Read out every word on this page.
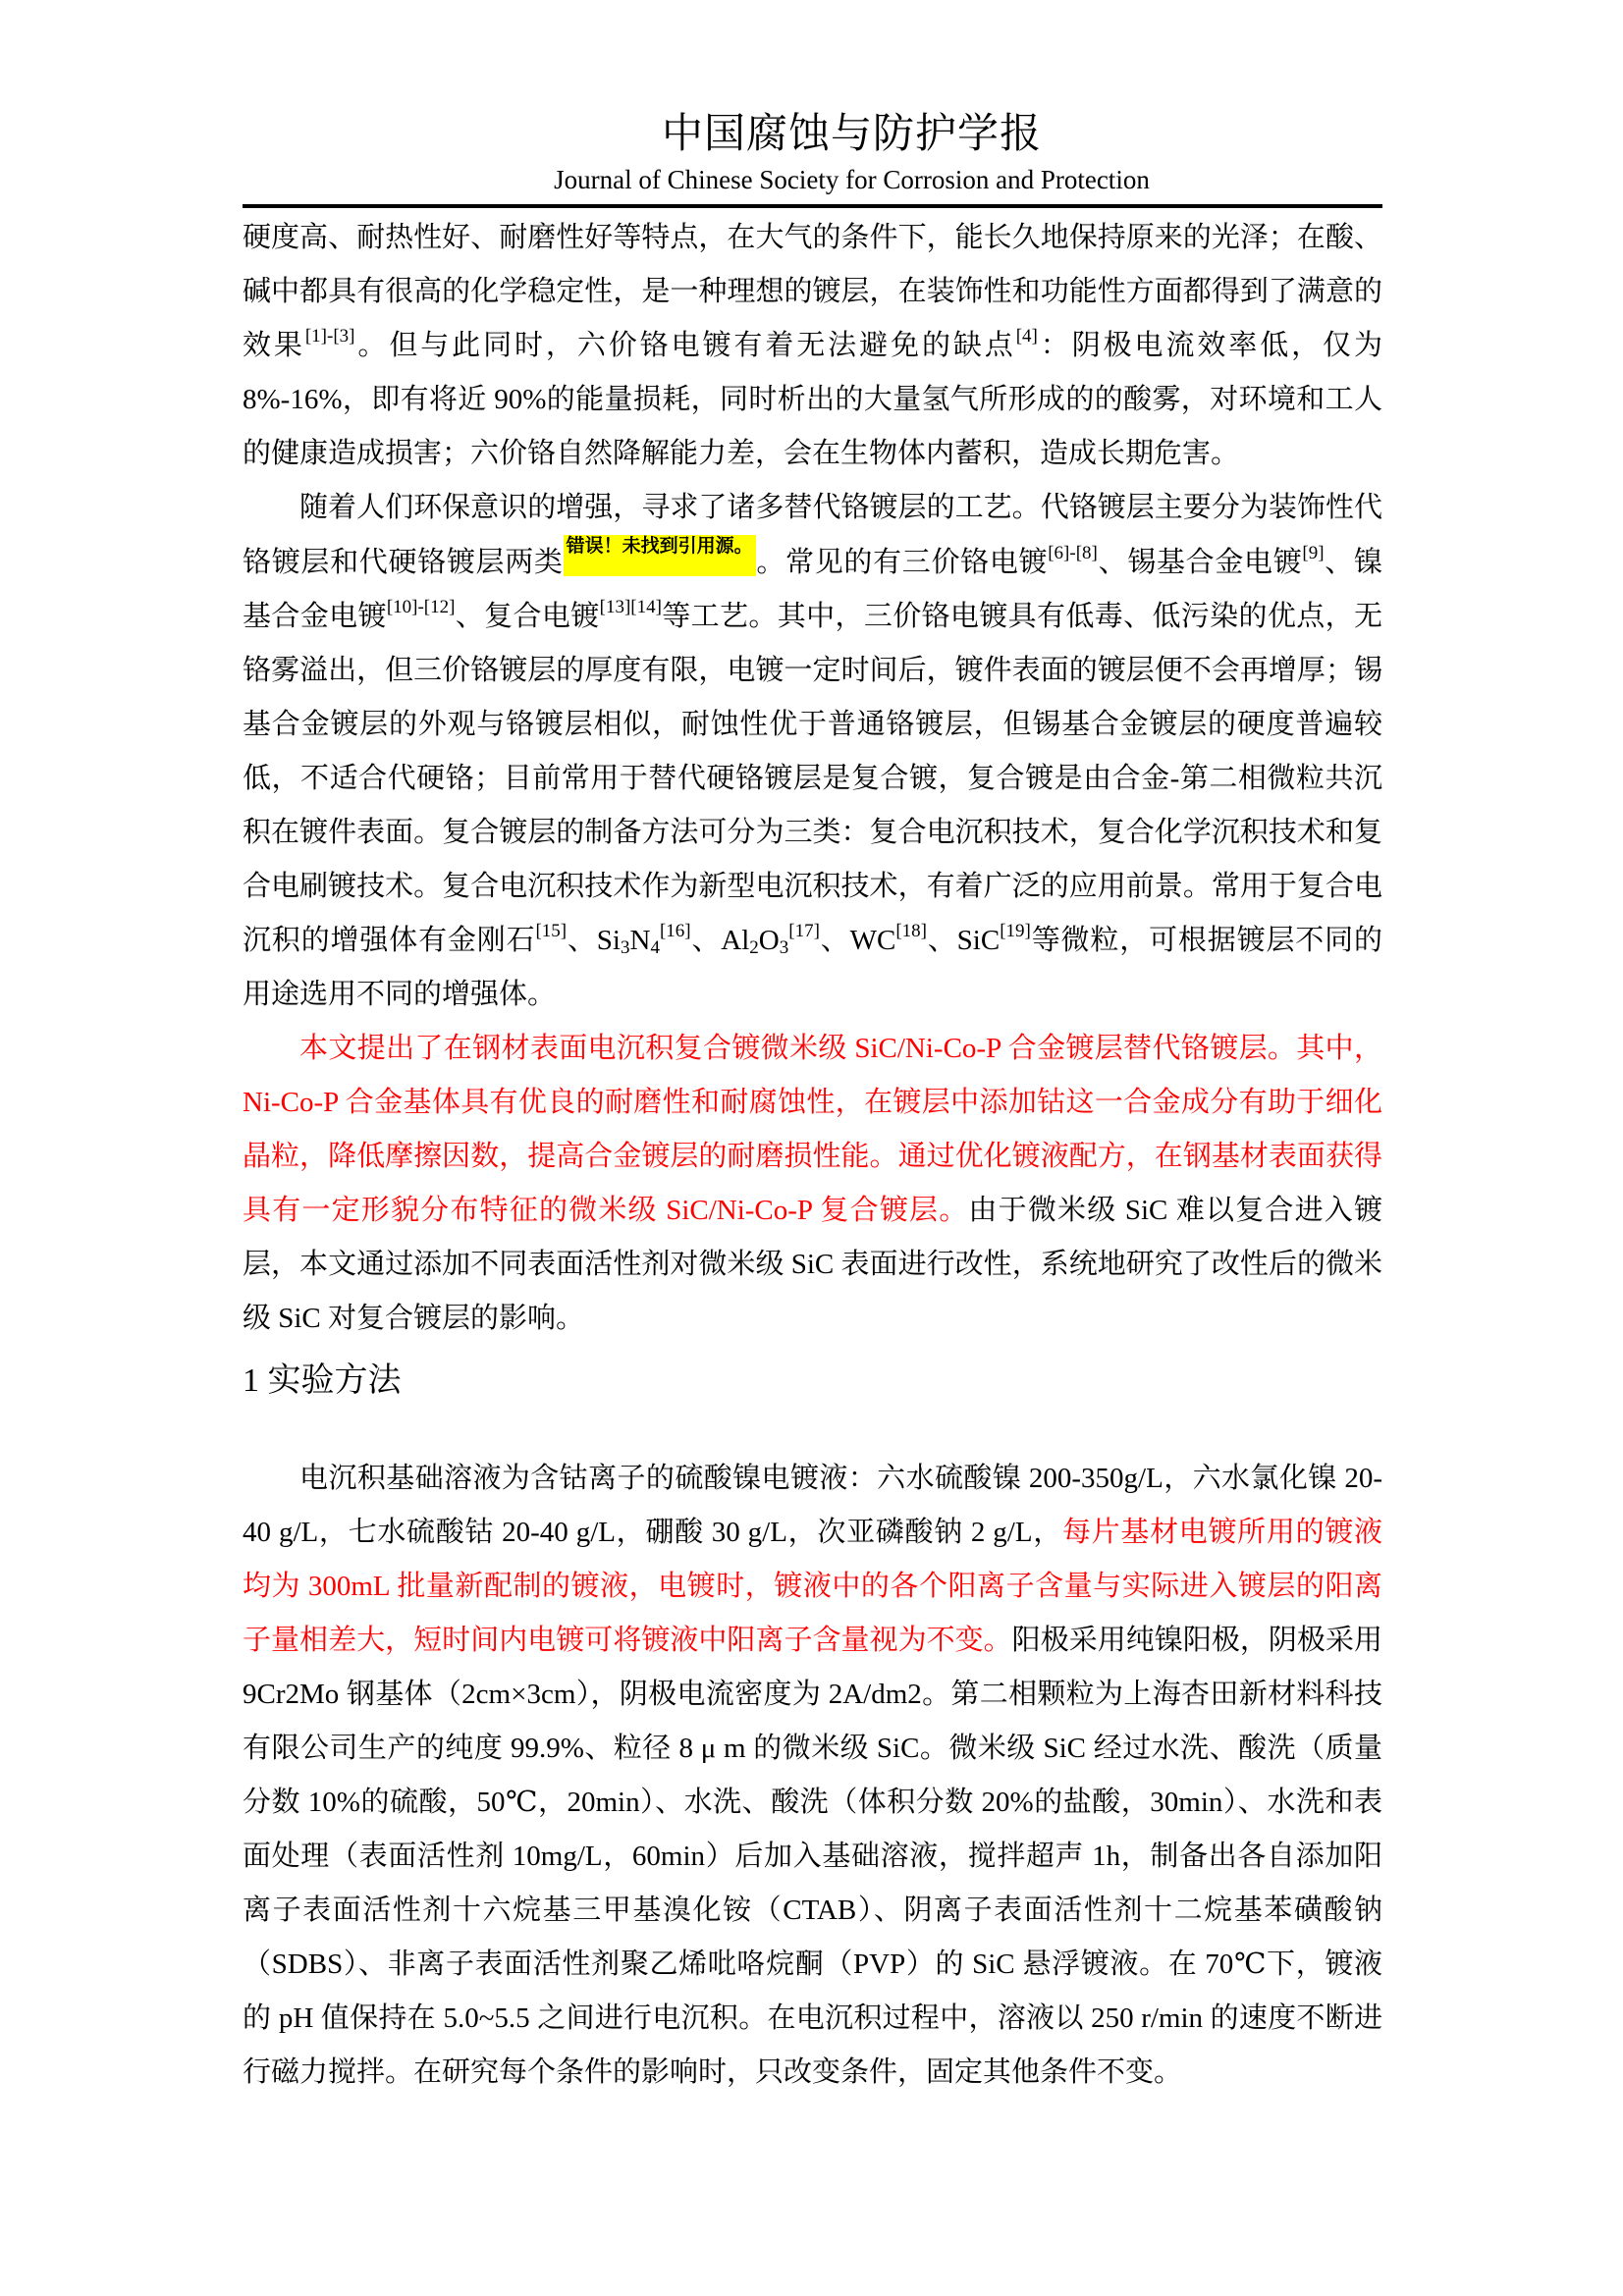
中国腐蚀与防护学报
Journal of Chinese Society for Corrosion and Protection

硬度高、耐热性好、耐磨性好等特点，在大气的条件下，能长久地保持原来的光泽；在酸、碱中都具有很高的化学稳定性，是一种理想的镀层，在装饰性和功能性方面都得到了满意的效果[1]-[3]。但与此同时，六价铬电镀有着无法避免的缺点[4]：阴极电流效率低，仅为 8%-16%，即有将近 90%的能量损耗，同时析出的大量氢气所形成的的酸雾，对环境和工人的健康造成损害；六价铬自然降解能力差，会在生物体内蓄积，造成长期危害。

随着人们环保意识的增强，寻求了诸多替代铬镀层的工艺。代铬镀层主要分为装饰性代铬镀层和代硬铬镀层两类错误！未找到引用源。。常见的有三价铬电镀[6]-[8]、锡基合金电镀[9]、镍基合金电镀[10]-[12]、复合电镀[13][14]等工艺。其中，三价铬电镀具有低毒、低污染的优点，无铬雾溢出，但三价铬镀层的厚度有限，电镀一定时间后，镀件表面的镀层便不会再增厚；锡基合金镀层的外观与铬镀层相似，耐蚀性优于普通铬镀层，但锡基合金镀层的硬度普遍较低，不适合代硬铬；目前常用于替代硬铬镀层是复合镀，复合镀是由合金-第二相微粒共沉积在镀件表面。复合镀层的制备方法可分为三类：复合电沉积技术，复合化学沉积技术和复合电刷镀技术。复合电沉积技术作为新型电沉积技术，有着广泛的应用前景。常用于复合电沉积的增强体有金刚石[15]、$Si_3N_4[16]$、$Al_2O_3[17]$、WC[18]、SiC[19]等微粒，可根据镀层不同的用途选用不同的增强体。

本文提出了在钢材表面电沉积复合镀微米级 SiC/Ni-Co-P 合金镀层替代铬镀层。其中，Ni-Co-P 合金基体具有优良的耐磨性和耐腐蚀性，在镀层中添加钴这一合金成分有助于细化晶粒，降低摩擦因数，提高合金镀层的耐磨损性能。通过优化镀液配方，在钢基材表面获得具有一定形貌分布特征的微米级 SiC/Ni-Co-P 复合镀层。由于微米级 SiC 难以复合进入镀层，本文通过添加不同表面活性剂对微米级 SiC 表面进行改性，系统地研究了改性后的微米级 SiC 对复合镀层的影响。

1 实验方法

电沉积基础溶液为含钴离子的硫酸镍电镀液：六水硫酸镍 200-350g/L，六水氯化镍 20-40 g/L，七水硫酸钴 20-40 g/L，硼酸 30 g/L，次亚磷酸钠 2 g/L，每片基材电镀所用的镀液均为 300mL 批量新配制的镀液，电镀时，镀液中的各个阳离子含量与实际进入镀层的阳离子量相差大，短时间内电镀可将镀液中阳离子含量视为不变。阳极采用纯镍阳极，阴极采用 9Cr2Mo 钢基体（2cm×3cm），阴极电流密度为 2A/dm2。第二相颗粒为上海杏田新材料科技有限公司生产的纯度 99.9%、粒径 8 μ m 的微米级 SiC。微米级 SiC 经过水洗、酸洗（质量分数 10%的硫酸，50℃，20min）、水洗、酸洗（体积分数 20%的盐酸，30min）、水洗和表面处理（表面活性剂 10mg/L，60min）后加入基础溶液，搅拌超声 1h，制备出各自添加阳离子表面活性剂十六烷基三甲基溴化铵（CTAB）、阴离子表面活性剂十二烷基苯磺酸钠（SDBS）、非离子表面活性剂聚乙烯吡咯烷酮（PVP）的 SiC 悬浮镀液。在 70℃下，镀液的 pH 值保持在 5.0~5.5 之间进行电沉积。在电沉积过程中，溶液以 250 r/min 的速度不断进行磁力搅拌。在研究每个条件的影响时，只改变条件，固定其他条件不变。
